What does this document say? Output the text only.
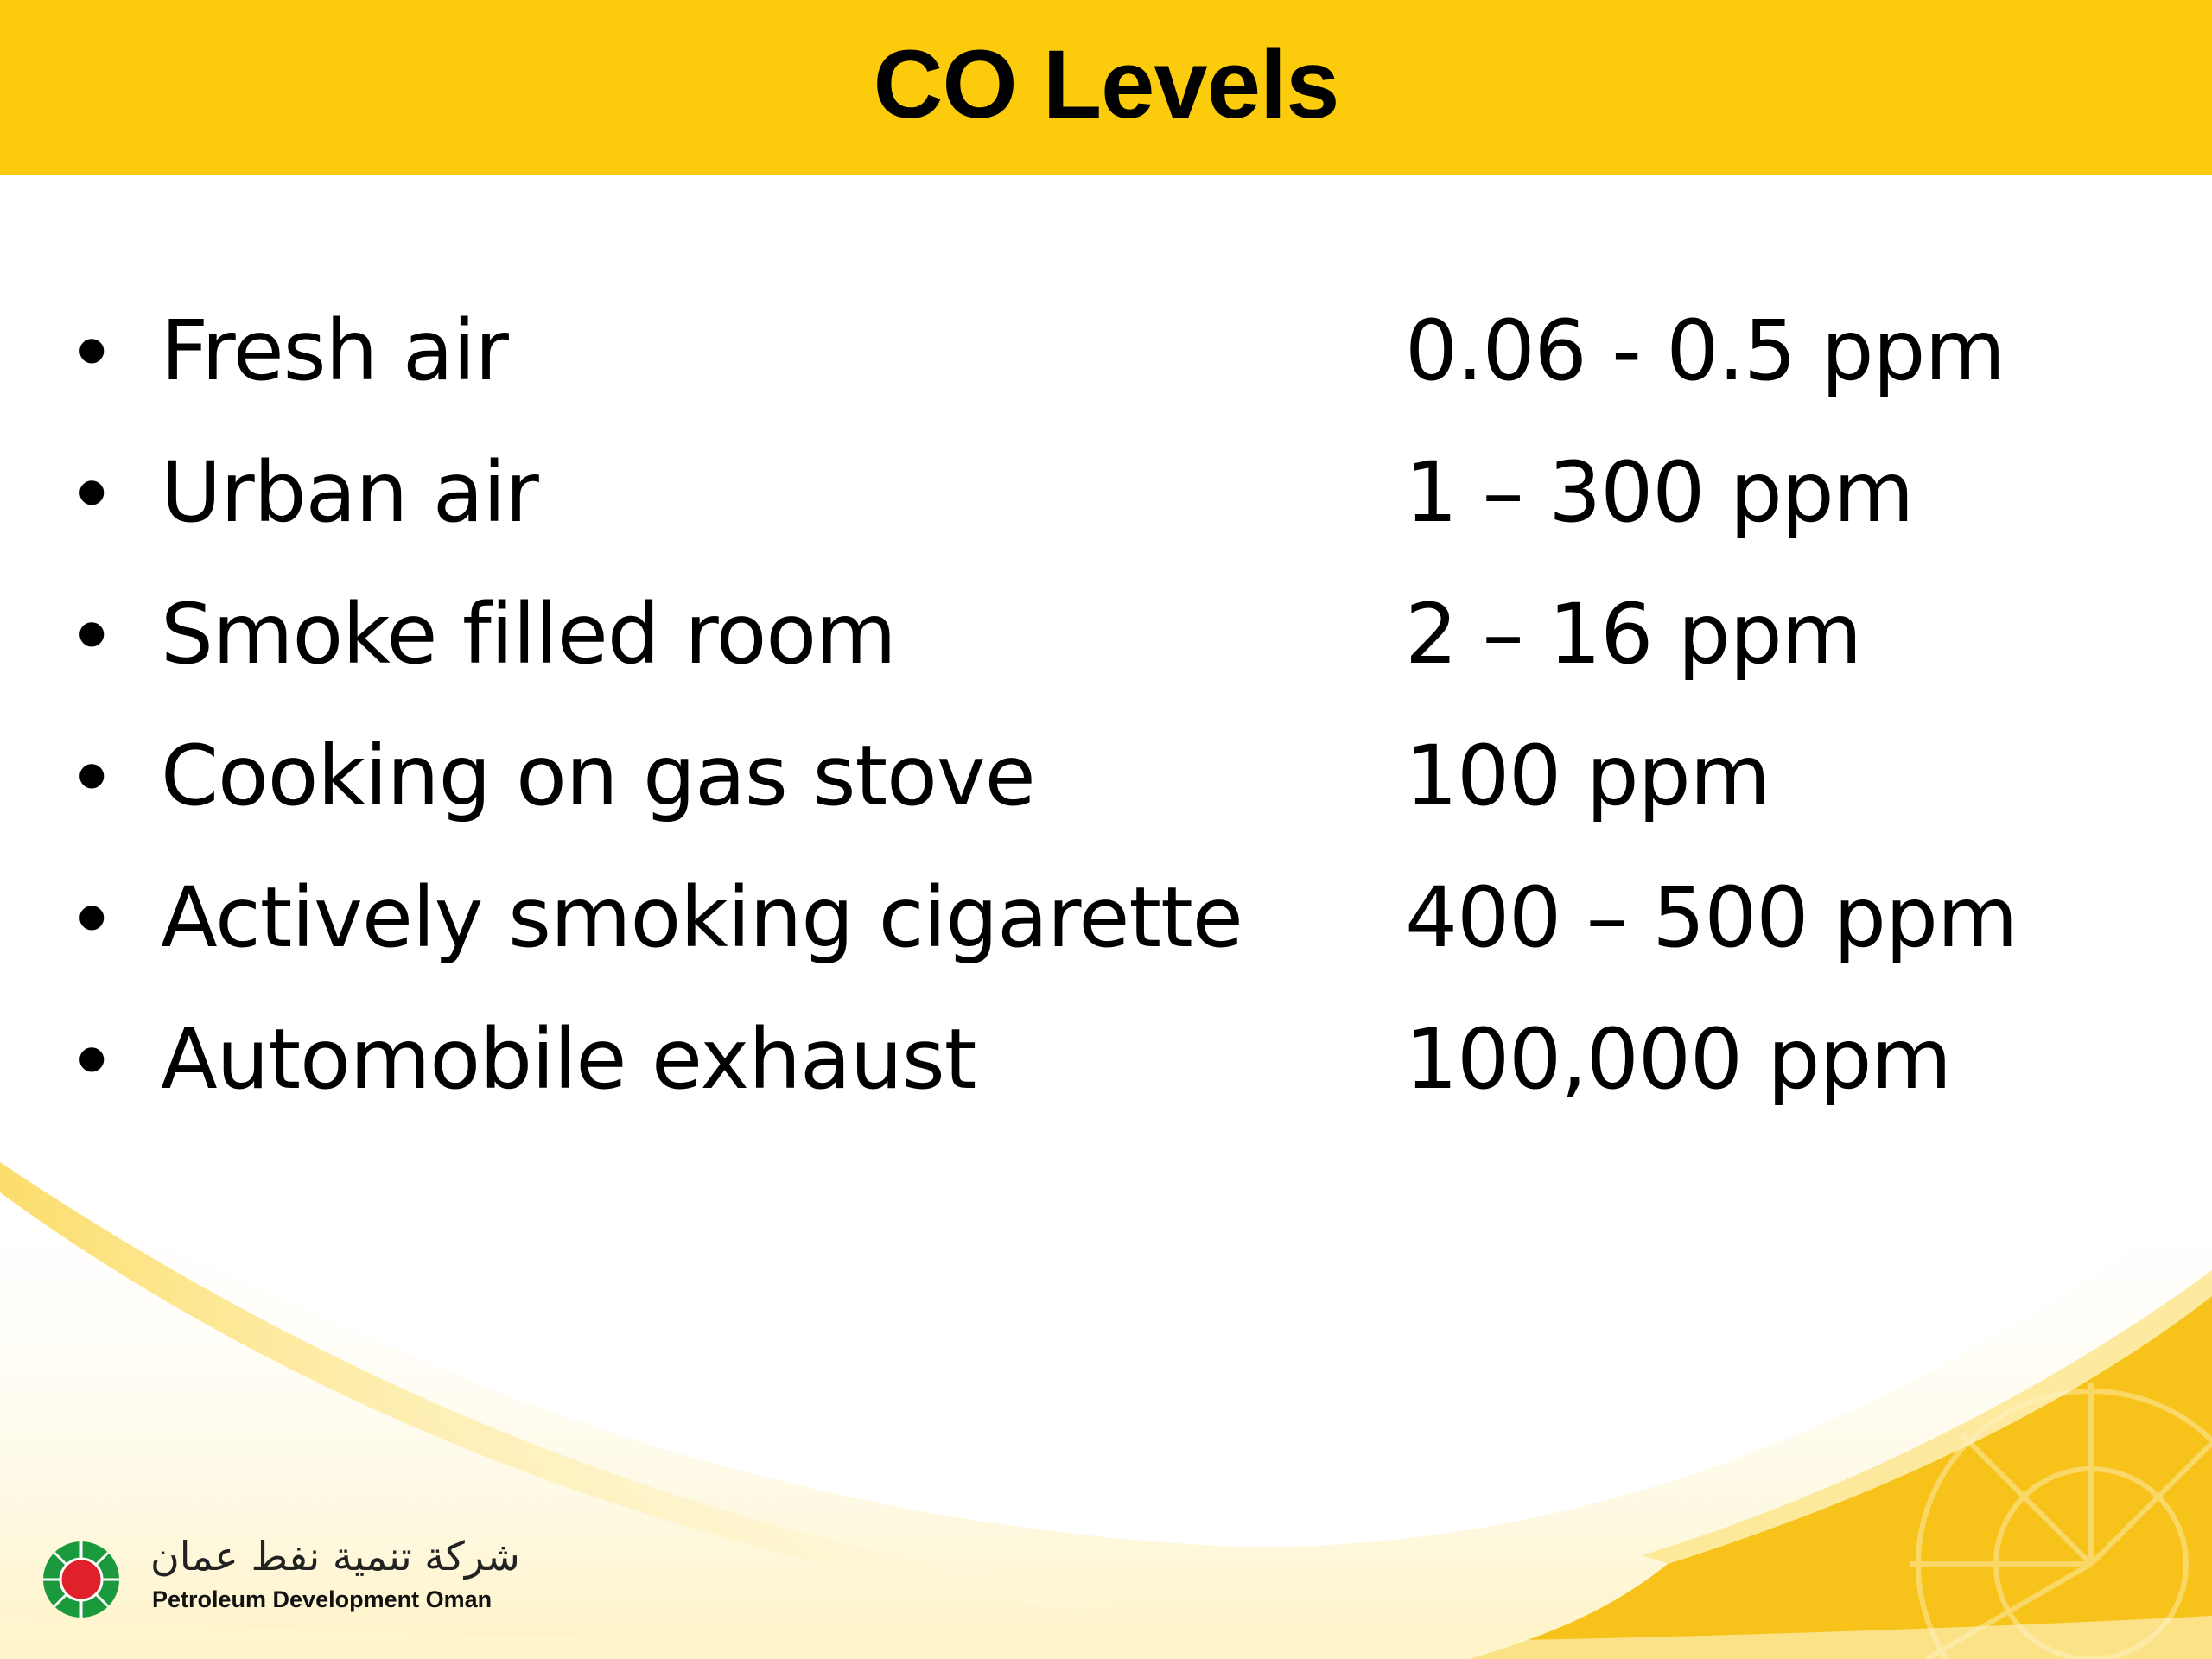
CO Levels
• Fresh air	0.06 - 0.5 ppm
• Urban air	1 – 300 ppm
• Smoke filled room	2 – 16 ppm
• Cooking on gas stove	100 ppm
• Actively smoking cigarette 400 – 500 ppm
• Automobile exhaust	100,000 ppm
شركة تنمية نفط عمان
Petroleum Development Oman
